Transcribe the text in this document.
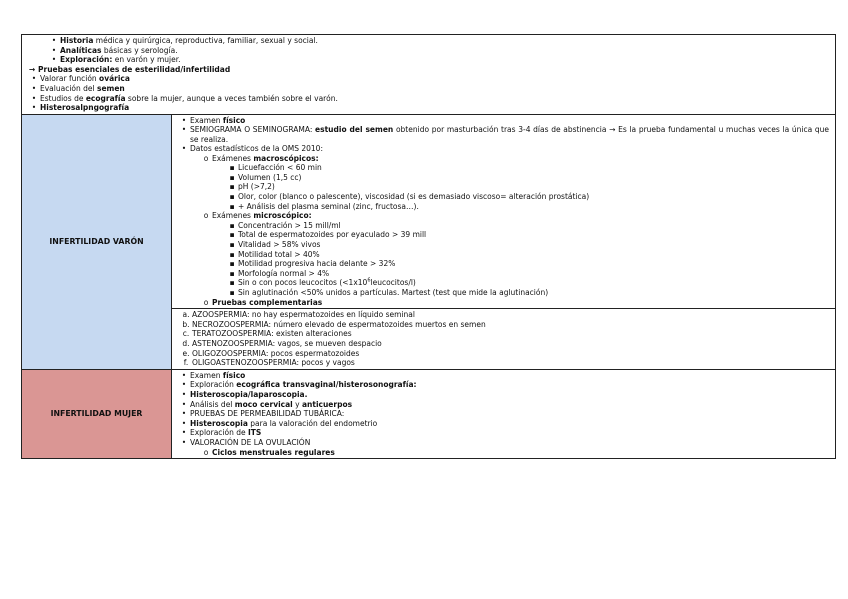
• Historia médica y quirúrgica, reproductiva, familiar, sexual y social.
• Analíticas básicas y serología.
• Exploración: en varón y mujer.
→ Pruebas esenciales de esterilidad/infertilidad
• Valorar función ovárica
• Evaluación del semen
• Estudios de ecografía sobre la mujer, aunque a veces también sobre el varón.
• Histerosalpngografía
INFERTILIDAD VARÓN
• Examen físico
• SEMIOGRAMA O SEMINOGRAMA: estudio del semen obtenido por masturbación tras 3-4 días de abstinencia → Es la prueba fundamental u muchas veces la única que se realiza.
• Datos estadísticos de la OMS 2010:
o Exámenes macroscópicos:
▪ Licuefacción < 60 min
▪ Volumen (1,5 cc)
▪ pH (>7,2)
▪ Olor, color (blanco o palescente), viscosidad (si es demasiado viscoso= alteración prostática)
▪ + Análisis del plasma seminal (zinc, fructosa…).
o Exámenes microscópico:
▪ Concentración > 15 mill/ml
▪ Total de espermatozoides por eyaculado > 39 mill
▪ Vitalidad > 58% vivos
▪ Motilidad total > 40%
▪ Motilidad progresiva hacia delante > 32%
▪ Morfología normal > 4%
▪ Sin o con pocos leucocitos $(<1x10^6leucocitos/l)$
▪ Sin aglutinación <50% unidos a partículas. Martest (test que mide la aglutinación)
o Pruebas complementarias
a. AZOOSPERMIA: no hay espermatozoides en líquido seminal
b. NECROZOOSPERMIA: número elevado de espermatozoides muertos en semen
c. TERATOZOOSPERMIA: existen alteraciones
d. ASTENOZOOSPERMIA: vagos, se mueven despacio
e. OLIGOZOOSPERMIA: pocos espermatozoides
f. OLIGOASTENOZOOSPERMIA: pocos y vagos
INFERTILIDAD MUJER
• Examen físico
• Exploración ecográfica transvaginal/histerosonografía:
• Histeroscopia/laparoscopia.
• Análisis del moco cervical y anticuerpos
• PRUEBAS DE PERMEABILIDAD TUBÁRICA:
• Histeroscopia para la valoración del endometrio
• Exploración de ITS
• VALORACIÓN DE LA OVULACIÓN
o Ciclos menstruales regulares
